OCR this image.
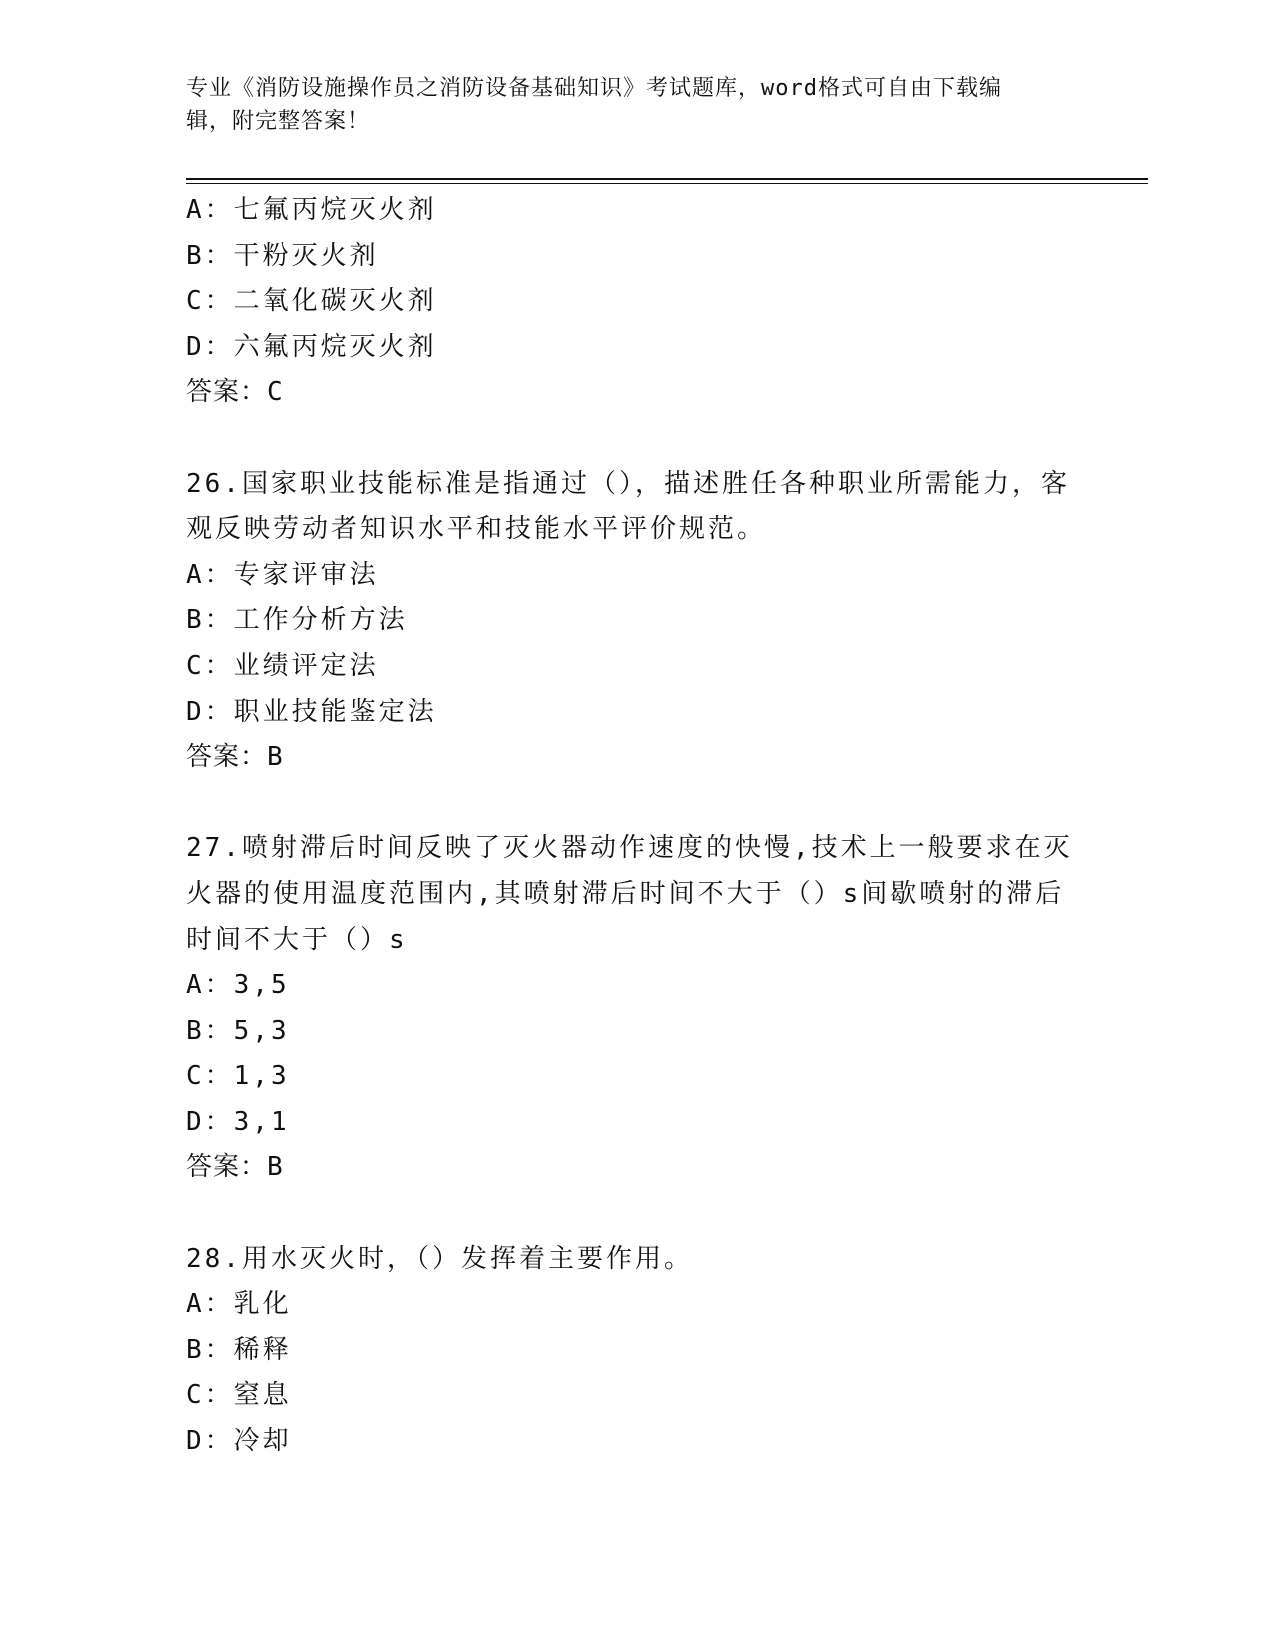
专业《消防设施操作员之消防设备基础知识》考试题库，word格式可自由下载编
辑，附完整答案！
A：七氟丙烷灭火剂
B：干粉灭火剂
C：二氧化碳灭火剂
D：六氟丙烷灭火剂
答案：C
26.国家职业技能标准是指通过（），描述胜任各种职业所需能力，客
观反映劳动者知识水平和技能水平评价规范。
A：专家评审法
B：工作分析方法
C：业绩评定法
D：职业技能鉴定法
答案：B
27.喷射滞后时间反映了灭火器动作速度的快慢,技术上一般要求在灭
火器的使用温度范围内,其喷射滞后时间不大于（）s间歇喷射的滞后
时间不大于（）s
A：3,5
B：5,3
C：1,3
D：3,1
答案：B
28.用水灭火时，（）发挥着主要作用。
A：乳化
B：稀释
C：窒息
D：冷却
